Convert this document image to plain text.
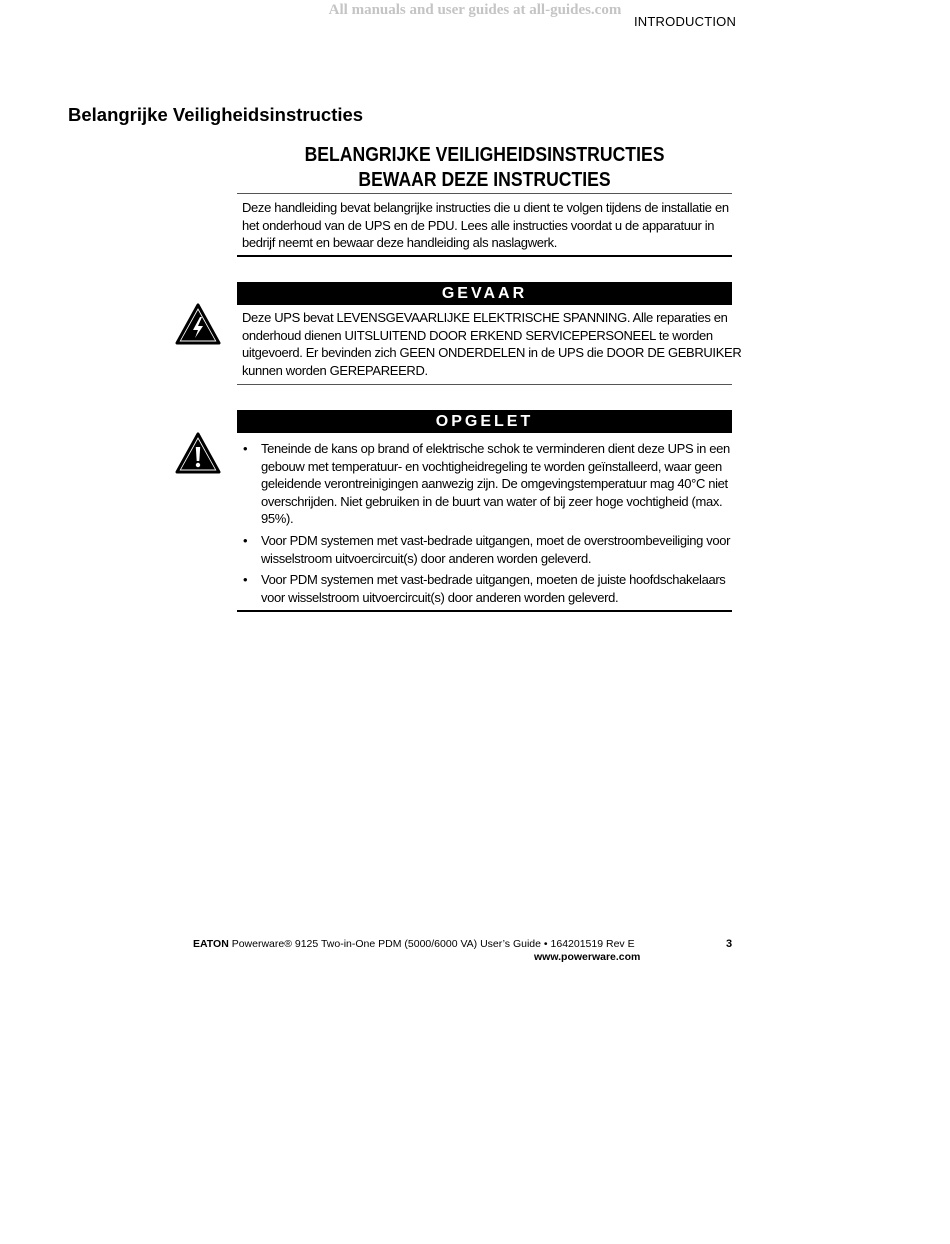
All manuals and user guides at all-guides.com
INTRODUCTION
Belangrijke Veiligheidsinstructies
BELANGRIJKE VEILIGHEIDSINSTRUCTIES
BEWAAR DEZE INSTRUCTIES
Deze handleiding bevat belangrijke instructies die u dient te volgen tijdens de installatie en het onderhoud van de UPS en de PDU. Lees alle instructies voordat u de apparatuur in bedrijf neemt en bewaar deze handleiding als naslagwerk.
GEVAAR
Deze UPS bevat LEVENSGEVAARLIJKE ELEKTRISCHE SPANNING. Alle reparaties en onderhoud dienen UITSLUITEND DOOR ERKEND SERVICEPERSONEEL te worden uitgevoerd. Er bevinden zich GEEN ONDERDELEN in de UPS die DOOR DE GEBRUIKER kunnen worden GEREPAREERD.
OPGELET
• Teneinde de kans op brand of elektrische schok te verminderen dient deze UPS in een gebouw met temperatuur- en vochtigheidregeling te worden geïnstalleerd, waar geen geleidende verontreinigingen aanwezig zijn. De omgevingstemperatuur mag 40°C niet overschrijden. Niet gebruiken in de buurt van water of bij zeer hoge vochtigheid (max. 95%).
• Voor PDM systemen met vast-bedrade uitgangen, moet de overstroombeveiliging voor wisselstroom uitvoercircuit(s) door anderen worden geleverd.
• Voor PDM systemen met vast-bedrade uitgangen, moeten de juiste hoofdschakelaars voor wisselstroom uitvoercircuit(s) door anderen worden geleverd.
EATON Powerware® 9125 Two-in-One PDM (5000/6000 VA) User’s Guide • 164201519 Rev E
www.powerware.com
3
